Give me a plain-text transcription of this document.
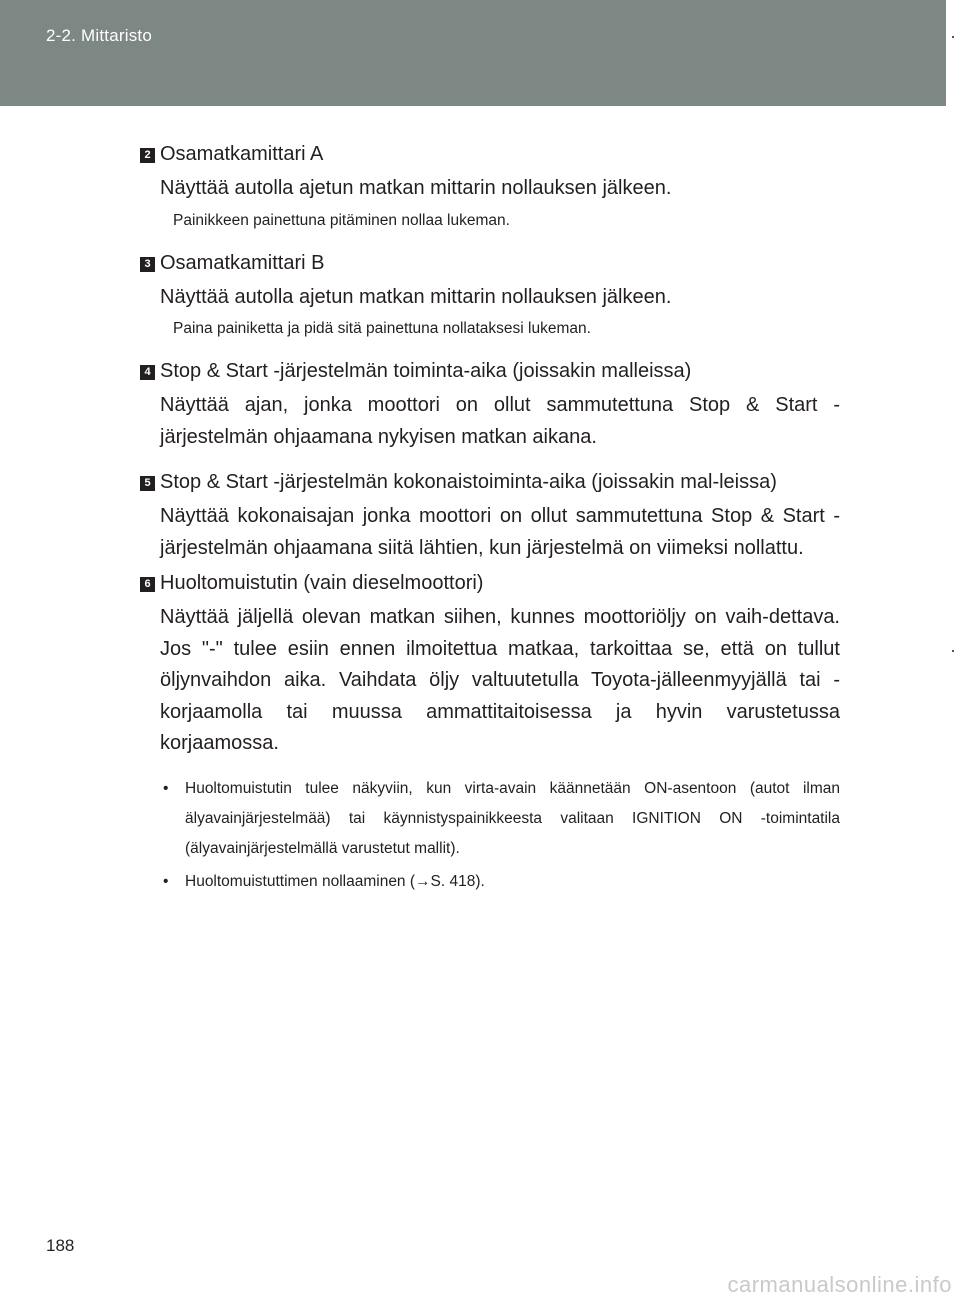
2-2. Mittaristo
2 Osamatkamittari A
Näyttää autolla ajetun matkan mittarin nollauksen jälkeen.
Painikkeen painettuna pitäminen nollaa lukeman.
3 Osamatkamittari B
Näyttää autolla ajetun matkan mittarin nollauksen jälkeen.
Paina painiketta ja pidä sitä painettuna nollataksesi lukeman.
4 Stop & Start -järjestelmän toiminta-aika (joissakin malleissa)
Näyttää ajan, jonka moottori on ollut sammutettuna Stop & Start -järjestelmän ohjaamana nykyisen matkan aikana.
5 Stop & Start -järjestelmän kokonaistoiminta-aika (joissakin mal-leissa)
Näyttää kokonaisajan jonka moottori on ollut sammutettuna Stop & Start -järjestelmän ohjaamana siitä lähtien, kun järjestelmä on viimeksi nollattu.
6 Huoltomuistutin (vain dieselmoottori)
Näyttää jäljellä olevan matkan siihen, kunnes moottoriöljy on vaih-dettava. Jos "-" tulee esiin ennen ilmoitettua matkaa, tarkoittaa se, että on tullut öljynvaihdon aika. Vaihdata öljy valtuutetulla Toyota-jälleenmyyjällä tai -korjaamolla tai muussa ammattitaitoisessa ja hyvin varustetussa korjaamossa.
• Huoltomuistutin tulee näkyviin, kun virta-avain käännetään ON-asentoon (autot ilman älyavainjärjestelmää) tai käynnistyspainikkeesta valitaan IGNITION ON -toimintatila (älyavainjärjestelmällä varustetut mallit).
• Huoltomuistuttimen nollaaminen (→S. 418).
188
carmanualsonline.info
